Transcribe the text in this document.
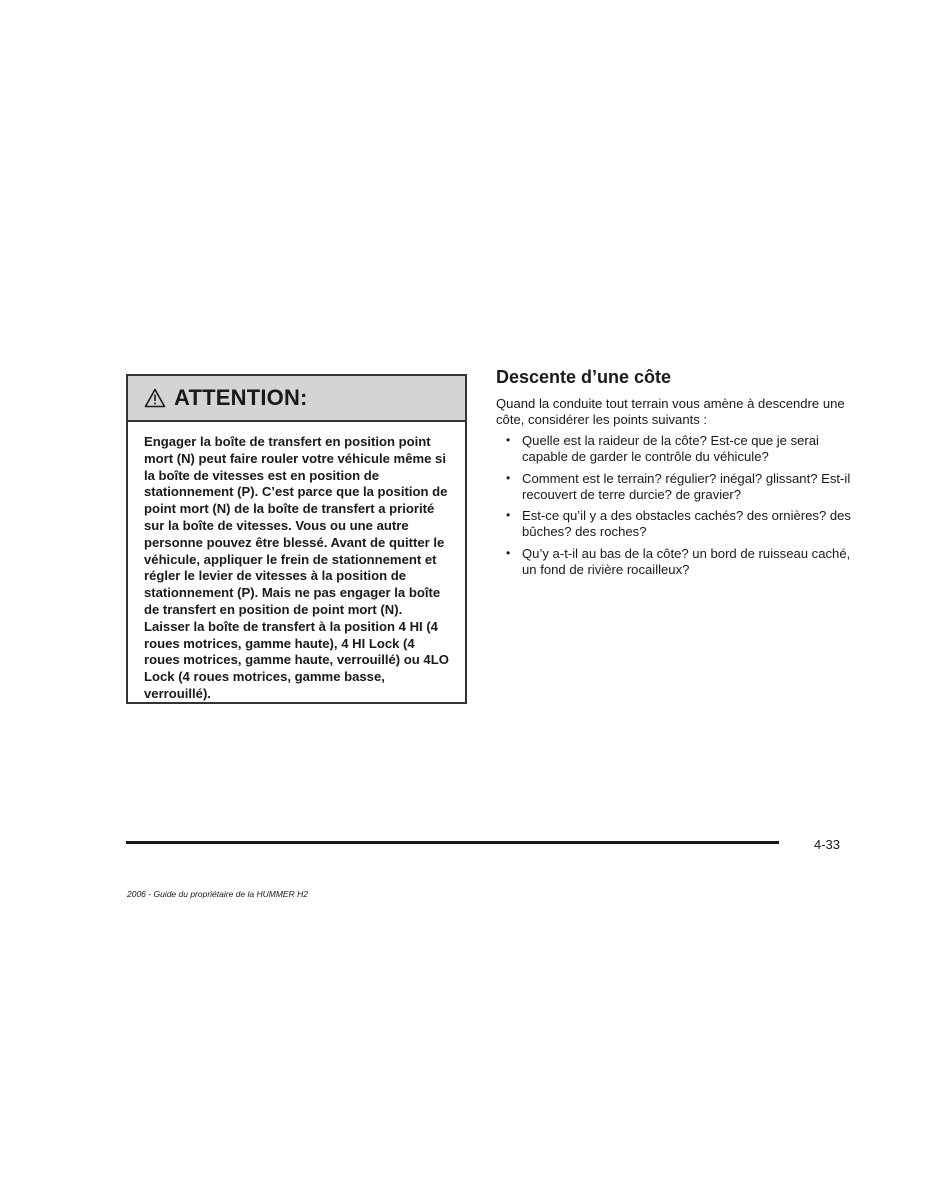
ATTENTION:
Engager la boîte de transfert en position point mort (N) peut faire rouler votre véhicule même si la boîte de vitesses est en position de stationnement (P). C’est parce que la position de point mort (N) de la boîte de transfert a priorité sur la boîte de vitesses. Vous ou une autre personne pouvez être blessé. Avant de quitter le véhicule, appliquer le frein de stationnement et régler le levier de vitesses à la position de stationnement (P). Mais ne pas engager la boîte de transfert en position de point mort (N). Laisser la boîte de transfert à la position 4 HI (4 roues motrices, gamme haute), 4 HI Lock (4 roues motrices, gamme haute, verrouillé) ou 4LO Lock (4 roues motrices, gamme basse, verrouillé).
Descente d’une côte

Quand la conduite tout terrain vous amène à descendre une côte, considérer les points suivants :

• Quelle est la raideur de la côte? Est-ce que je serai capable de garder le contrôle du véhicule?
• Comment est le terrain? régulier? inégal? glissant? Est-il recouvert de terre durcie? de gravier?
• Est-ce qu’il y a des obstacles cachés? des ornières? des bûches? des roches?
• Qu’y a-t-il au bas de la côte? un bord de ruisseau caché, un fond de rivière rocailleux?
4-33
2006 - Guide du propriétaire de la HUMMER H2
